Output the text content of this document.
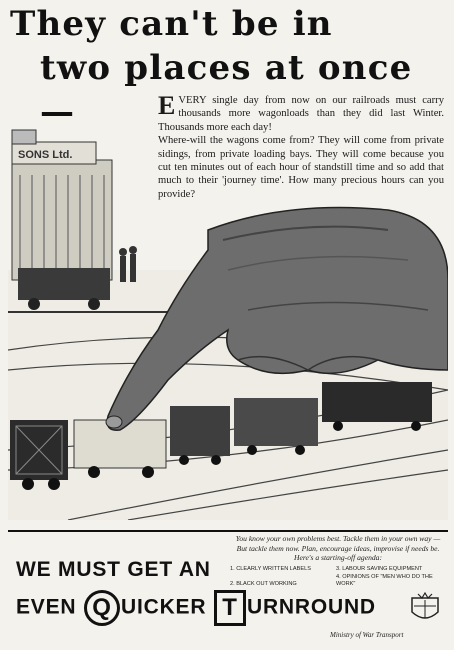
They can't be in
two places at once —
SONS Ltd.

EVERY single day from now on our railroads must carry thousands more wagonloads than they did last Winter. Thousands more each day!

Where-will the wagons come from? They will come from private sidings, from private loading bays. They will come because you cut ten minutes out of each hour of standstill time and so add that much to their 'journey time'. How many precious hours can you provide?

WE MUST GET AN
EVEN Q UICKER T URNROUND
You know your own problems best. Tackle them in your own way — But tackle them now. Plan, encourage ideas, improvise if needs be. Here's a starting-off agenda:
1. CLEARLY WRITTEN LABELS	3. LABOUR SAVING EQUIPMENT
2. BLACK OUT WORKING4. OPINIONS OF "MEN WHO DO THE WORK"
Ministry of War Transport
